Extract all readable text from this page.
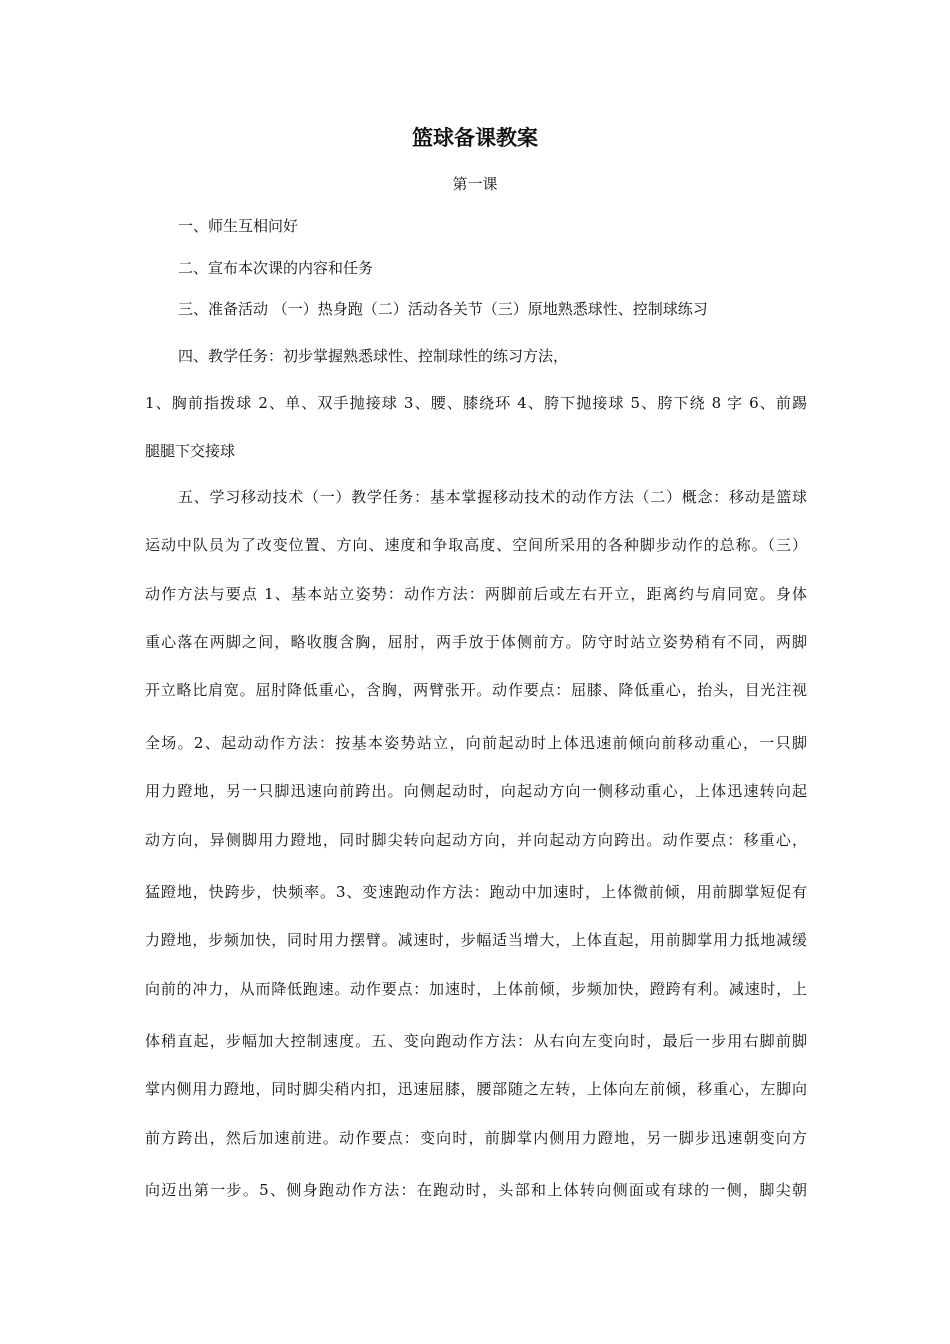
篮球备课教案
第一课
一、师生互相问好
二、宣布本次课的内容和任务
三、准备活动 （一）热身跑（二）活动各关节（三）原地熟悉球性、控制球练习
四、教学任务：初步掌握熟悉球性、控制球性的练习方法，
1、胸前指拨球 2、单、双手抛接球 3、腰、膝绕环 4、胯下抛接球 5、胯下绕 8 字 6、前踢
腿腿下交接球
五、学习移动技术（一）教学任务：基本掌握移动技术的动作方法（二）概念：移动是篮球
运动中队员为了改变位置、方向、速度和争取高度、空间所采用的各种脚步动作的总称。（三）
动作方法与要点 1、基本站立姿势：动作方法：两脚前后或左右开立，距离约与肩同宽。身体
重心落在两脚之间，略收腹含胸，屈肘，两手放于体侧前方。防守时站立姿势稍有不同，两脚
开立略比肩宽。屈肘降低重心，含胸，两臂张开。动作要点：屈膝、降低重心，抬头，目光注视
全场。2、起动动作方法：按基本姿势站立，向前起动时上体迅速前倾向前移动重心，一只脚
用力蹬地，另一只脚迅速向前跨出。向侧起动时，向起动方向一侧移动重心，上体迅速转向起
动方向，异侧脚用力蹬地，同时脚尖转向起动方向，并向起动方向跨出。动作要点：移重心，
猛蹬地，快跨步，快频率。3、变速跑动作方法：跑动中加速时，上体微前倾，用前脚掌短促有
力蹬地，步频加快，同时用力摆臂。减速时，步幅适当增大，上体直起，用前脚掌用力抵地减缓
向前的冲力，从而降低跑速。动作要点：加速时，上体前倾，步频加快，蹬跨有利。减速时，上
体稍直起，步幅加大控制速度。五、变向跑动作方法：从右向左变向时，最后一步用右脚前脚
掌内侧用力蹬地，同时脚尖稍内扣，迅速屈膝，腰部随之左转，上体向左前倾，移重心，左脚向
前方跨出，然后加速前进。动作要点：变向时，前脚掌内侧用力蹬地，另一脚步迅速朝变向方
向迈出第一步。5、侧身跑动作方法：在跑动时，头部和上体转向侧面或有球的一侧，脚尖朝
